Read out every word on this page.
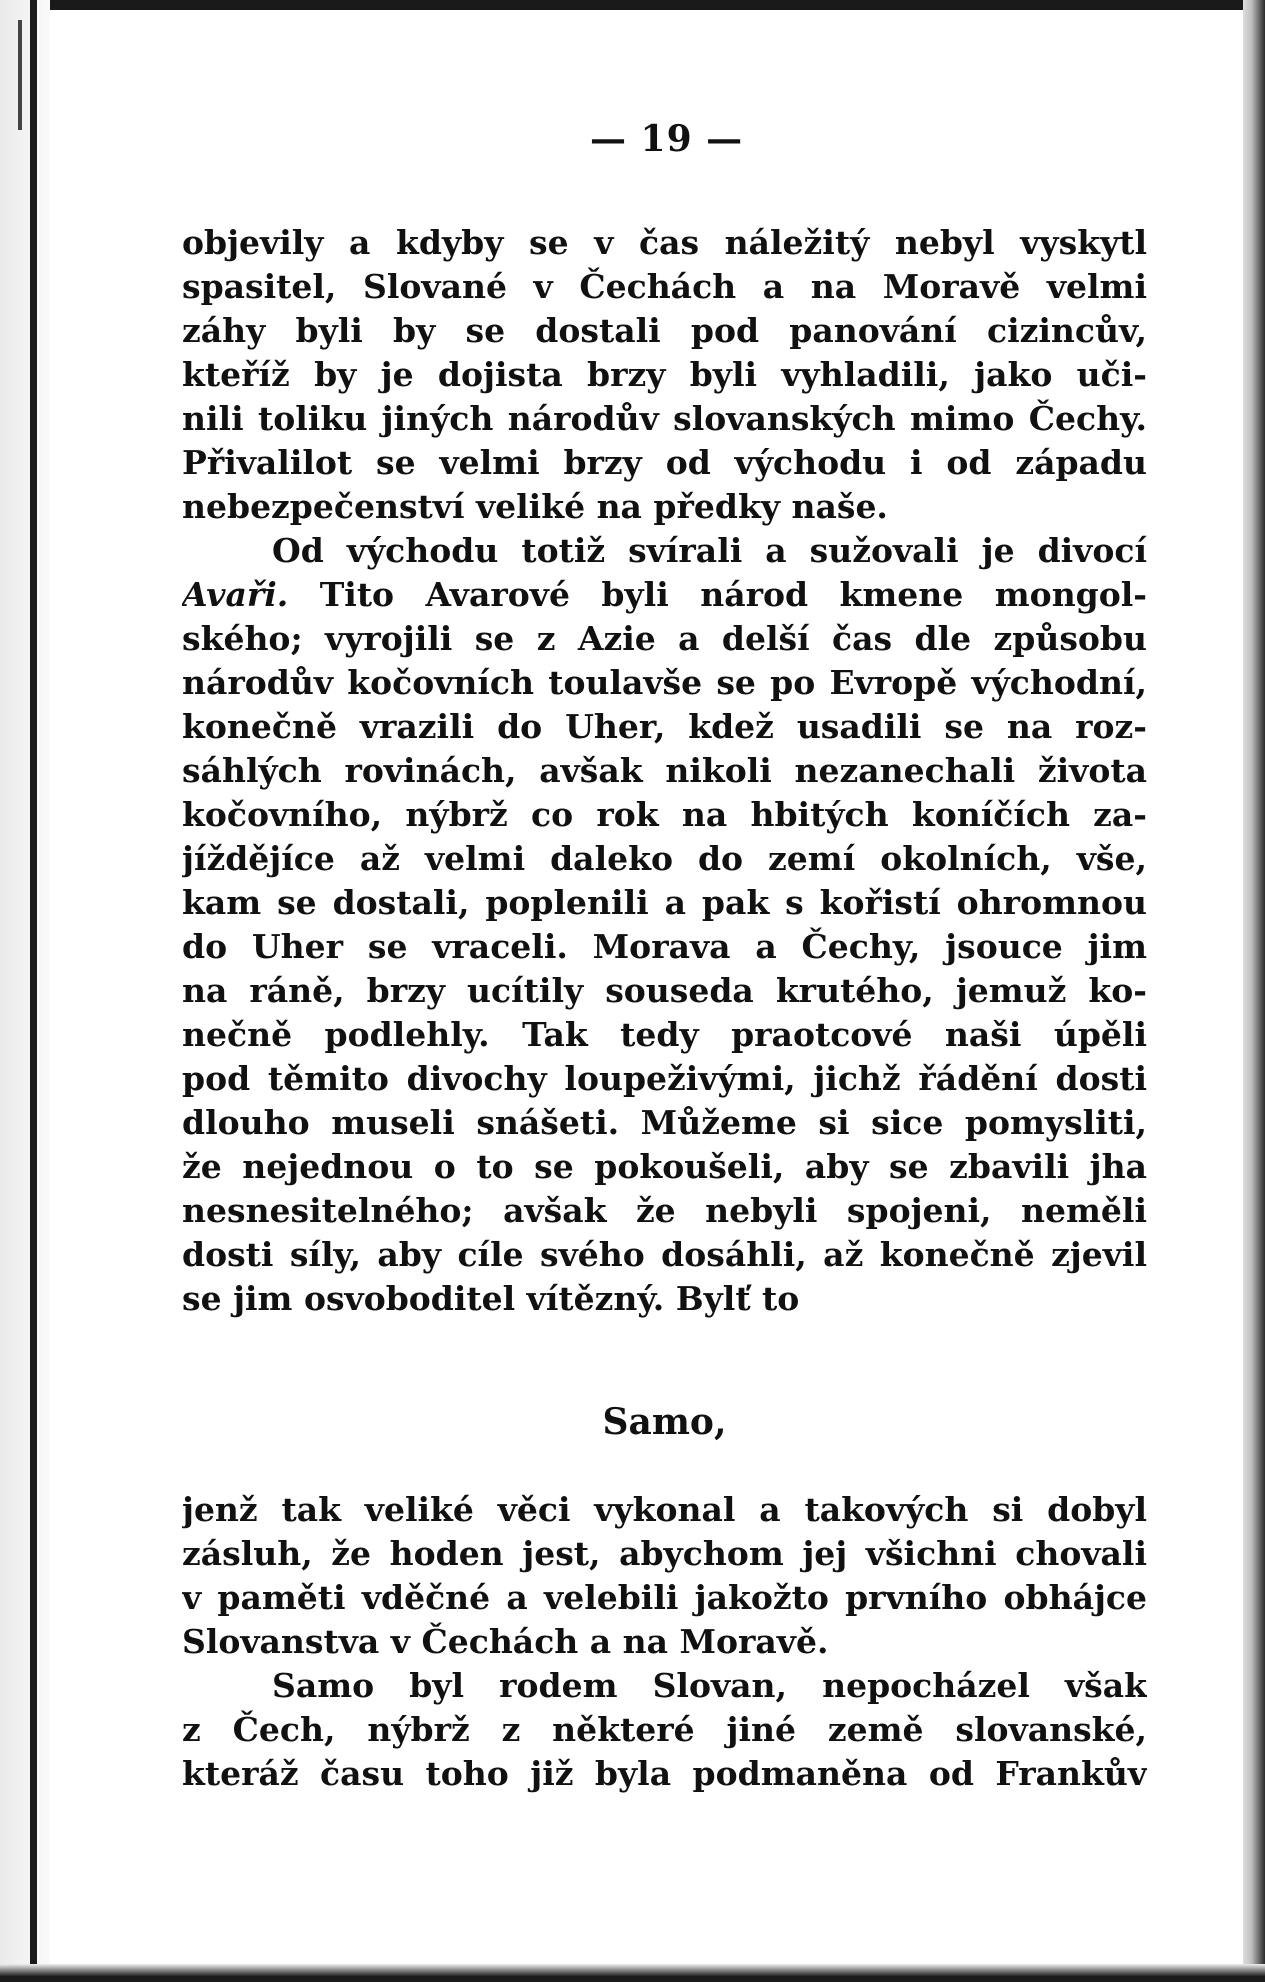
— 19 —
objevily a kdyby se v čas náležitý nebyl vyskytl
spasitel, Slované v Čechách a na Moravě velmi
záhy byli by se dostali pod panování cizincův,
kteříž by je dojista brzy byli vyhladili, jako uči-
nili toliku jiných národův slovanských mimo Čechy.
Přivalilot se velmi brzy od východu i od západu
nebezpečenství veliké na předky naše.
Od východu totiž svírali a sužovali je divocí
Avaři. Tito Avarové byli národ kmene mongol-
ského; vyrojili se z Azie a delší čas dle způsobu
národův kočovních toulavše se po Evropě východní,
konečně vrazili do Uher, kdež usadili se na roz-
sáhlých rovinách, avšak nikoli nezanechali života
kočovního, nýbrž co rok na hbitých koníčích za-
jíždějíce až velmi daleko do zemí okolních, vše,
kam se dostali, poplenili a pak s kořistí ohromnou
do Uher se vraceli. Morava a Čechy, jsouce jim
na ráně, brzy ucítily souseda krutého, jemuž ko-
nečně podlehly. Tak tedy praotcové naši úpěli
pod těmito divochy loupeživými, jichž řádění dosti
dlouho museli snášeti. Můžeme si sice pomysliti,
že nejednou o to se pokoušeli, aby se zbavili jha
nesnesitelného; avšak že nebyli spojeni, neměli
dosti síly, aby cíle svého dosáhli, až konečně zjevil
se jim osvoboditel vítězný. Bylť to
Samo,
jenž tak veliké věci vykonal a takových si dobyl
zásluh, že hoden jest, abychom jej všichni chovali
v paměti vděčné a velebili jakožto prvního obhájce
Slovanstva v Čechách a na Moravě.
Samo byl rodem Slovan, nepocházel však
z Čech, nýbrž z některé jiné země slovanské,
kteráž času toho již byla podmaněna od Frankův
